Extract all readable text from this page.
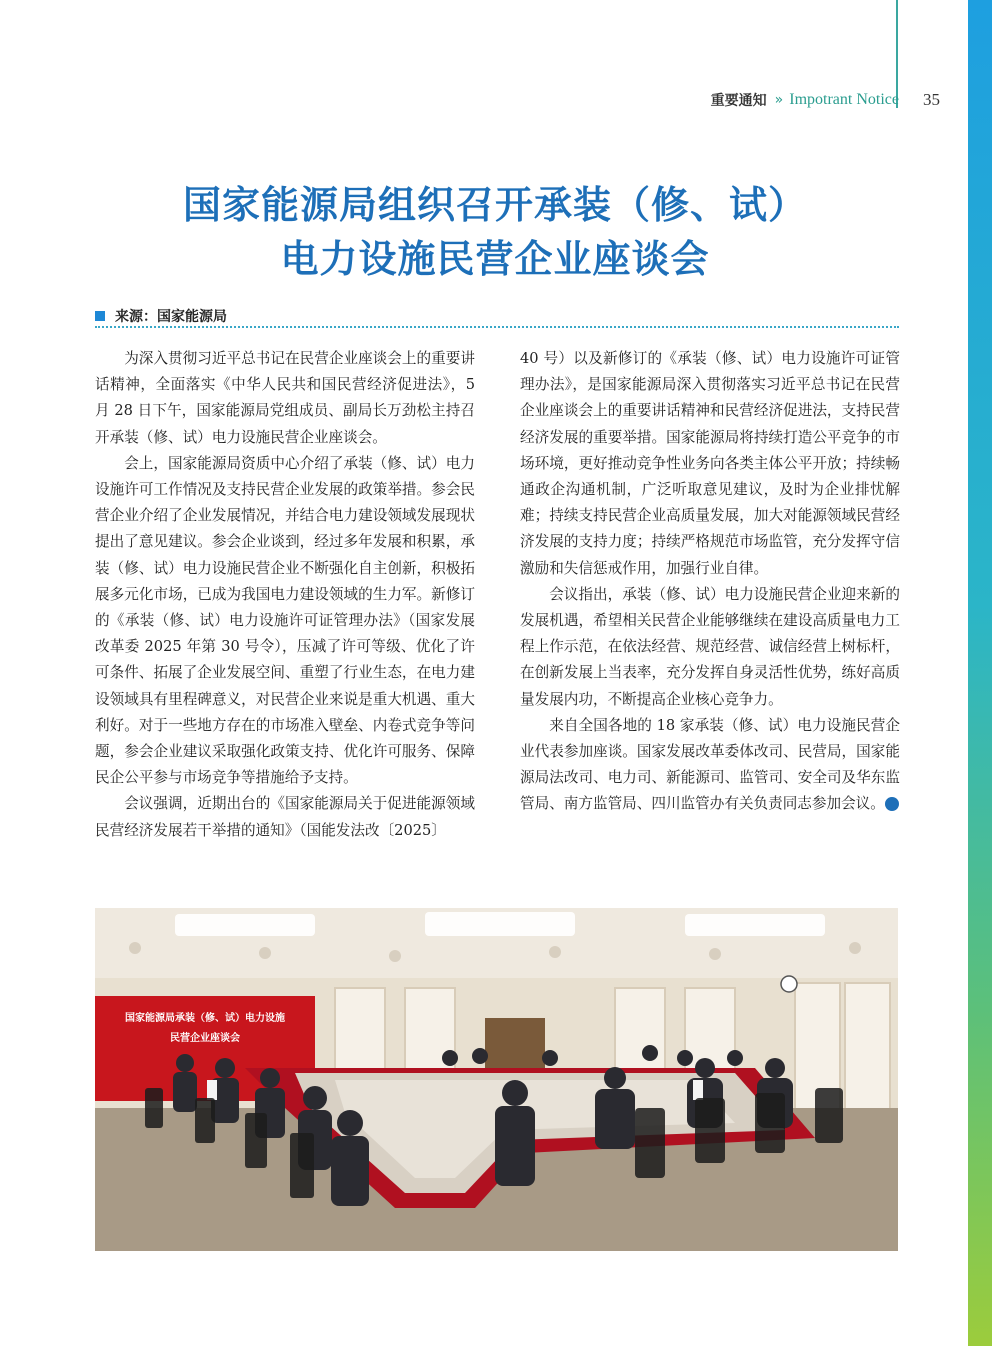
重要通知 » Impotrant Notice 35
国家能源局组织召开承装（修、试）
电力设施民营企业座谈会
来源：国家能源局

为深入贯彻习近平总书记在民营企业座谈会上的重要讲话精神，全面落实《中华人民共和国民营经济促进法》，5 月 28 日下午，国家能源局党组成员、副局长万劲松主持召开承装（修、试）电力设施民营企业座谈会。

会上，国家能源局资质中心介绍了承装（修、试）电力设施许可工作情况及支持民营企业发展的政策举措。参会民营企业介绍了企业发展情况，并结合电力建设领域发展现状提出了意见建议。参会企业谈到，经过多年发展和积累，承装（修、试）电力设施民营企业不断强化自主创新，积极拓展多元化市场，已成为我国电力建设领域的生力军。新修订的《承装（修、试）电力设施许可证管理办法》（国家发展改革委 2025 年第 30 号令），压减了许可等级、优化了许可条件、拓展了企业发展空间、重塑了行业生态，在电力建设领域具有里程碑意义，对民营企业来说是重大机遇、重大利好。对于一些地方存在的市场准入壁垒、内卷式竞争等问题，参会企业建议采取强化政策支持、优化许可服务、保障民企公平参与市场竞争等措施给予支持。

会议强调，近期出台的《国家能源局关于促进能源领域民营经济发展若干举措的通知》（国能发法改〔2025〕

40 号）以及新修订的《承装（修、试）电力设施许可证管理办法》，是国家能源局深入贯彻落实习近平总书记在民营企业座谈会上的重要讲话精神和民营经济促进法，支持民营经济发展的重要举措。国家能源局将持续打造公平竞争的市场环境，更好推动竞争性业务向各类主体公平开放；持续畅通政企沟通机制，广泛听取意见建议，及时为企业排忧解难；持续支持民营企业高质量发展，加大对能源领域民营经济发展的支持力度；持续严格规范市场监管，充分发挥守信激励和失信惩戒作用，加强行业自律。

会议指出，承装（修、试）电力设施民营企业迎来新的发展机遇，希望相关民营企业能够继续在建设高质量电力工程上作示范，在依法经营、规范经营、诚信经营上树标杆，在创新发展上当表率，充分发挥自身灵活性优势，练好高质量发展内功，不断提高企业核心竞争力。

来自全国各地的 18 家承装（修、试）电力设施民营企业代表参加座谈。国家发展改革委体改司、民营局，国家能源局法改司、电力司、新能源司、监管司、安全司及华东监管局、南方监管局、四川监管办有关负责同志参加会议。	◎

国家能源局承装（修、试）电力设施
民营企业座谈会
